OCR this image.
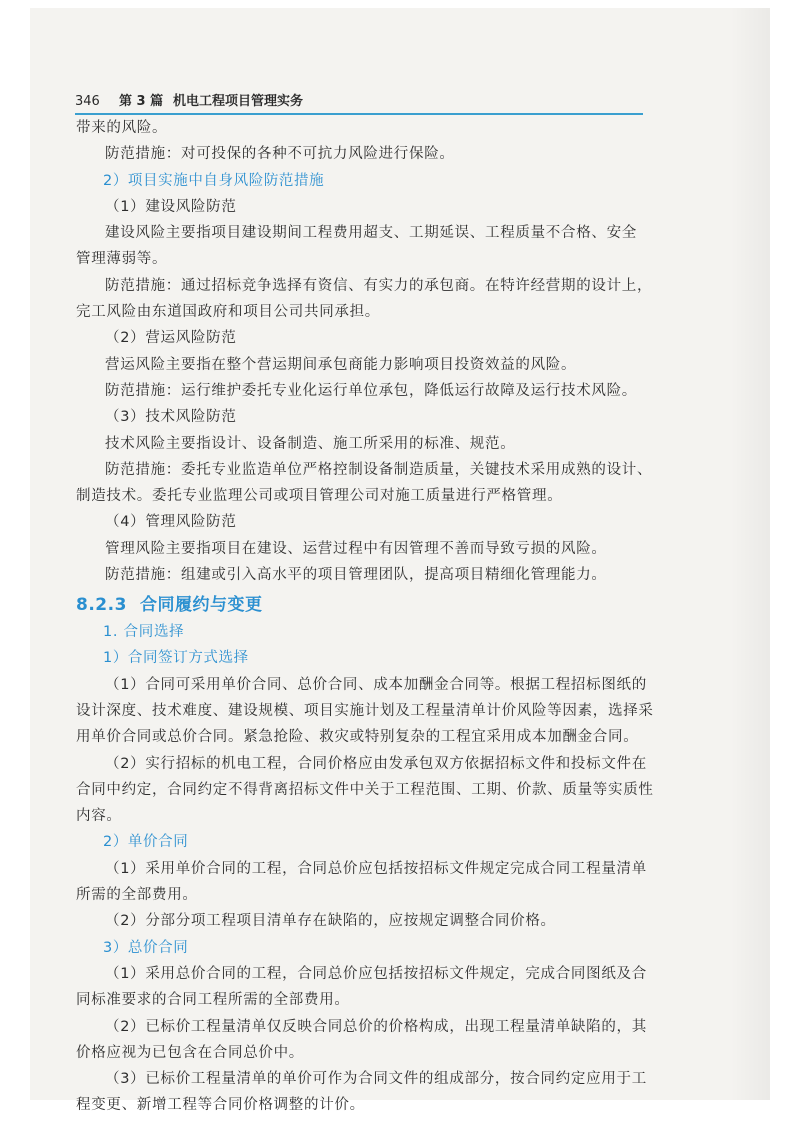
346 第 3 篇 机电工程项目管理实务
带来的风险。
防范措施：对可投保的各种不可抗力风险进行保险。
2）项目实施中自身风险防范措施
（1）建设风险防范
建设风险主要指项目建设期间工程费用超支、工期延误、工程质量不合格、安全
管理薄弱等。
防范措施：通过招标竞争选择有资信、有实力的承包商。在特许经营期的设计上，
完工风险由东道国政府和项目公司共同承担。
（2）营运风险防范
营运风险主要指在整个营运期间承包商能力影响项目投资效益的风险。
防范措施：运行维护委托专业化运行单位承包，降低运行故障及运行技术风险。
（3）技术风险防范
技术风险主要指设计、设备制造、施工所采用的标准、规范。
防范措施：委托专业监造单位严格控制设备制造质量，关键技术采用成熟的设计、
制造技术。委托专业监理公司或项目管理公司对施工质量进行严格管理。
（4）管理风险防范
管理风险主要指项目在建设、运营过程中有因管理不善而导致亏损的风险。
防范措施：组建或引入高水平的项目管理团队，提高项目精细化管理能力。
8.2.3 合同履约与变更
1. 合同选择
1）合同签订方式选择
（1）合同可采用单价合同、总价合同、成本加酬金合同等。根据工程招标图纸的
设计深度、技术难度、建设规模、项目实施计划及工程量清单计价风险等因素，选择采
用单价合同或总价合同。紧急抢险、救灾或特别复杂的工程宜采用成本加酬金合同。
（2）实行招标的机电工程，合同价格应由发承包双方依据招标文件和投标文件在
合同中约定，合同约定不得背离招标文件中关于工程范围、工期、价款、质量等实质性
内容。
2）单价合同
（1）采用单价合同的工程，合同总价应包括按招标文件规定完成合同工程量清单
所需的全部费用。
（2）分部分项工程项目清单存在缺陷的，应按规定调整合同价格。
3）总价合同
（1）采用总价合同的工程，合同总价应包括按招标文件规定，完成合同图纸及合
同标准要求的合同工程所需的全部费用。
（2）已标价工程量清单仅反映合同总价的价格构成，出现工程量清单缺陷的，其
价格应视为已包含在合同总价中。
（3）已标价工程量清单的单价可作为合同文件的组成部分，按合同约定应用于工
程变更、新增工程等合同价格调整的计价。
